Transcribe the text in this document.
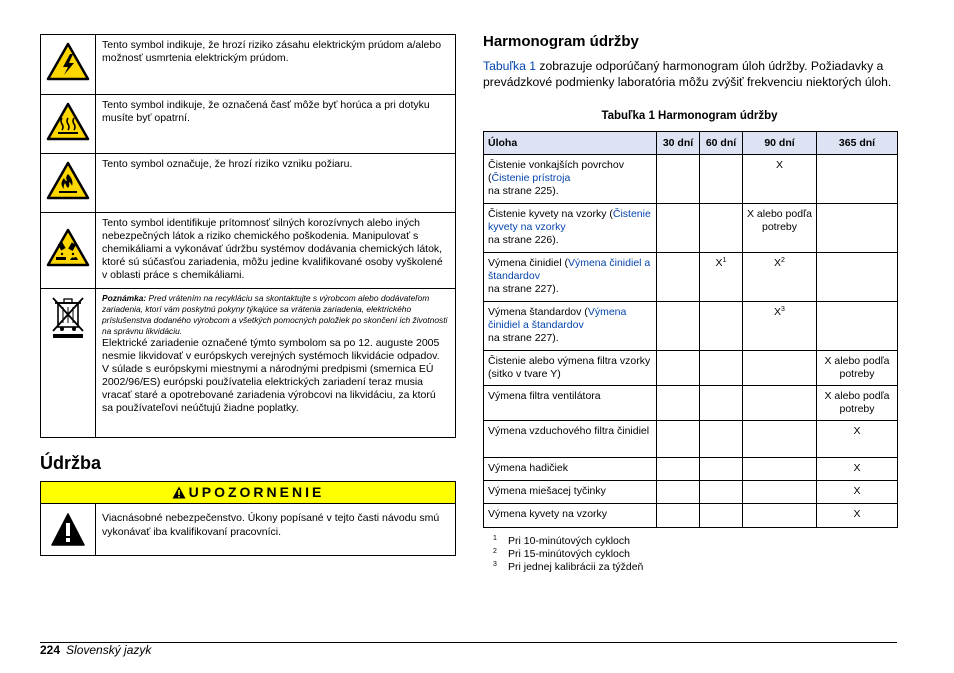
	Tento symbol indikuje, že hrozí riziko zásahu elektrickým prúdom a/alebo možnosť usmrtenia elektrickým prúdom.
	Tento symbol indikuje, že označená časť môže byť horúca a pri dotyku musíte byť opatrní.
	Tento symbol označuje, že hrozí riziko vzniku požiaru.
	Tento symbol identifikuje prítomnosť silných korozívnych alebo iných nebezpečných látok a riziko chemického poškodenia. Manipulovať s chemikáliami a vykonávať údržbu systémov dodávania chemických látok, ktoré sú súčasťou zariadenia, môžu jedine kvalifikované osoby vyškolené v oblasti práce s chemikáliami.

Poznámka: Pred vrátením na recykláciu sa skontaktujte s výrobcom alebo dodávateľom zariadenia, ktorí vám poskytnú pokyny týkajúce sa vrátenia zariadenia, elektrického príslušenstva dodaného výrobcom a všetkých pomocných položiek po skončení ich životnosti na správnu likvidáciu.

Elektrické zariadenie označené týmto symbolom sa po 12. auguste 2005 nesmie likvidovať v európskych verejných systémoch likvidácie odpadov. V súlade s európskymi miestnymi a národnými predpismi (smernica EÚ 2002/96/ES) európski používatelia elektrických zariadení teraz musia vracať staré a opotrebované zariadenia výrobcovi na likvidáciu, za ktorú sa používateľovi neúčtujú žiadne poplatky.

Údržba
UPOZORNENIE
Viacnásobné nebezpečenstvo. Úkony popísané v tejto časti návodu smú vykonávať iba kvalifikovaní pracovníci.
Harmonogram údržby

Tabuľka 1 zobrazuje odporúčaný harmonogram úloh údržby. Požiadavky a prevádzkové podmienky laboratória môžu zvýšiť frekvenciu niektorých úloh.

Tabuľka 1 Harmonogram údržby
Úloha	30 dní	60 dní	90 dní	365 dní
Čistenie vonkajších povrchov (Čistenie prístroja
na strane 225).			X	
Čistenie kyvety na vzorky (Čistenie kyvety na vzorky
na strane 226).			X alebo podľa potreby	
Výmena činidiel (Výmena činidiel a štandardov
na strane 227).		$X^1$	$X^2$	
Výmena štandardov (Výmena činidiel a štandardov
na strane 227).			$X^3$	
Čistenie alebo výmena filtra vzorky (sitko v tvare Y)				X alebo podľa potreby
Výmena filtra ventilátora				X alebo podľa potreby
Výmena vzduchového filtra činidiel				X
Výmena hadičiek				X
Výmena miešacej tyčinky				X
Výmena kyvety na vzorky				X
1 Pri 10-minútových cykloch
2 Pri 15-minútových cykloch
3 Pri jednej kalibrácii za týždeň
224 Slovenský jazyk
